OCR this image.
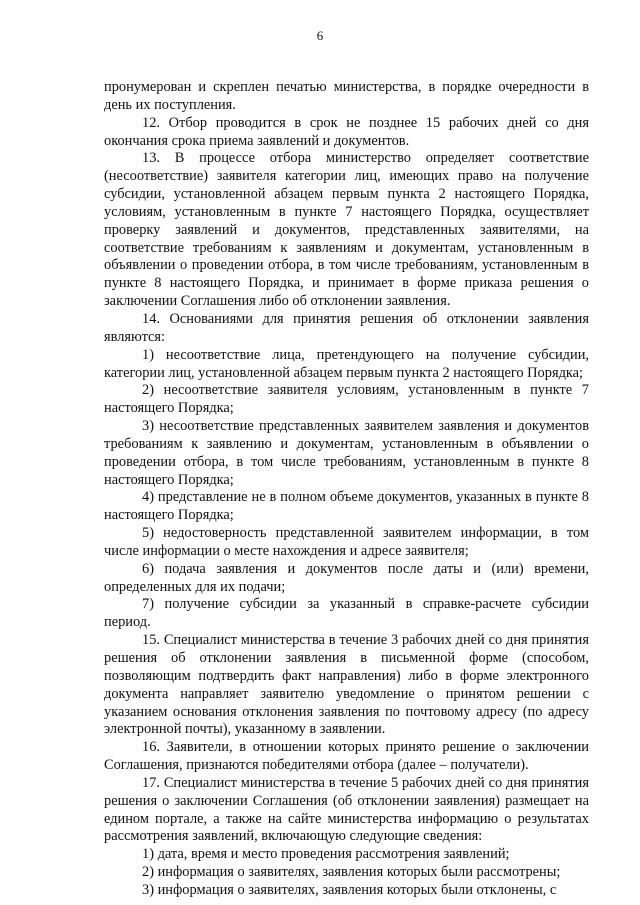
6

пронумерован и скреплен печатью министерства, в порядке очередности в день их поступления.

12. Отбор проводится в срок не позднее 15 рабочих дней со дня окончания срока приема заявлений и документов.

13. В процессе отбора министерство определяет соответствие (несоответствие) заявителя категории лиц, имеющих право на получение субсидии, установленной абзацем первым пункта 2 настоящего Порядка, условиям, установленным в пункте 7 настоящего Порядка, осуществляет проверку заявлений и документов, представленных заявителями, на соответствие требованиям к заявлениям и документам, установленным в объявлении о проведении отбора, в том числе требованиям, установленным в пункте 8 настоящего Порядка, и принимает в форме приказа решения о заключении Соглашения либо об отклонении заявления.

14. Основаниями для принятия решения об отклонении заявления являются:

1) несоответствие лица, претендующего на получение субсидии, категории лиц, установленной абзацем первым пункта 2 настоящего Порядка;

2) несоответствие заявителя условиям, установленным в пункте 7 настоящего Порядка;

3) несоответствие представленных заявителем заявления и документов требованиям к заявлению и документам, установленным в объявлении о проведении отбора, в том числе требованиям, установленным в пункте 8 настоящего Порядка;

4) представление не в полном объеме документов, указанных в пункте 8 настоящего Порядка;

5) недостоверность представленной заявителем информации, в том числе информации о месте нахождения и адресе заявителя;

6) подача заявления и документов после даты и (или) времени, определенных для их подачи;

7) получение субсидии за указанный в справке-расчете субсидии период.

15. Специалист министерства в течение 3 рабочих дней со дня принятия решения об отклонении заявления в письменной форме (способом, позволяющим подтвердить факт направления) либо в форме электронного документа направляет заявителю уведомление о принятом решении с указанием основания отклонения заявления по почтовому адресу (по адресу электронной почты), указанному в заявлении.

16. Заявители, в отношении которых принято решение о заключении Соглашения, признаются победителями отбора (далее – получатели).

17. Специалист министерства в течение 5 рабочих дней со дня принятия решения о заключении Соглашения (об отклонении заявления) размещает на едином портале, а также на сайте министерства информацию о результатах рассмотрения заявлений, включающую следующие сведения:

1) дата, время и место проведения рассмотрения заявлений;

2) информация о заявителях, заявления которых были рассмотрены;

3) информация о заявителях, заявления которых были отклонены, с
